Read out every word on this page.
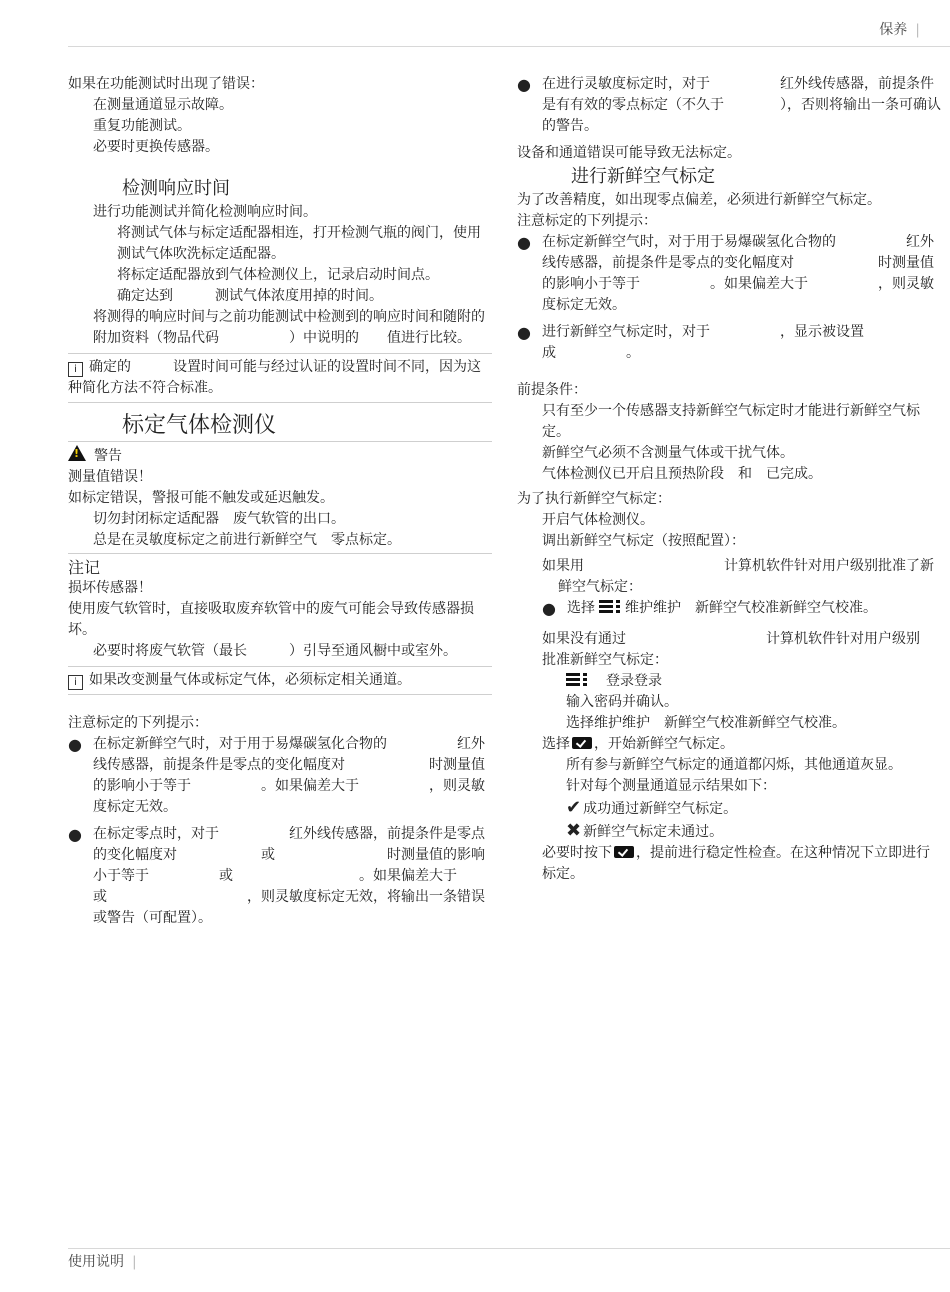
保养 |

如果在功能测试时出现了错误：

在测量通道显示故障。

重复功能测试。

必要时更换传感器。

检测响应时间

进行功能测试并简化检测响应时间。

将测试气体与标定适配器相连，打开检测气瓶的阀门，使用测试气体吹洗标定适配器。

将标定适配器放到气体检测仪上，记录启动时间点。

确定达到　　　测试气体浓度用掉的时间。

将测得的响应时间与之前功能测试中检测到的响应时间和随附的附加资料（物品代码　　　　　）中说明的　　值进行比较。

i 确定的　　　设置时间可能与经过认证的设置时间不同，因为这种简化方法不符合标准。

标定气体检测仪

!警告

测量值错误！

如标定错误，警报可能不触发或延迟触发。

切勿封闭标定适配器　废气软管的出口。

总是在灵敏度标定之前进行新鲜空气　零点标定。

注记

损坏传感器！

使用废气软管时，直接吸取废弃软管中的废气可能会导致传感器损坏。

必要时将废气软管（最长　　　）引导至通风橱中或室外。

i 如果改变测量气体或标定气体，必须标定相关通道。

注意标定的下列提示：

● 在标定新鲜空气时，对于用于易爆碳氢化合物的　　　　　红外线传感器，前提条件是零点的变化幅度对　　　　　　时测量值的影响小于等于　　　　　。如果偏差大于　　　　　，则灵敏度标定无效。
● 在标定零点时，对于　　　　　红外线传感器，前提条件是零点的变化幅度对　　　　　　或　　　　　　　　时测量值的影响小于等于　　　　　或　　　　　　　　　。如果偏差大于　　　　　或　　　　　　　　　　，则灵敏度标定无效，将输出一条错误或警告（可配置）。
● 在进行灵敏度标定时，对于　　　　　红外线传感器，前提条件是有有效的零点标定（不久于　　　　），否则将输出一条可确认的警告。

设备和通道错误可能导致无法标定。

进行新鲜空气标定

为了改善精度，如出现零点偏差，必须进行新鲜空气标定。

注意标定的下列提示：

● 在标定新鲜空气时，对于用于易爆碳氢化合物的　　　　　红外线传感器，前提条件是零点的变化幅度对　　　　　　时测量值的影响小于等于　　　　　。如果偏差大于　　　　　，则灵敏度标定无效。
● 进行新鲜空气标定时，对于　　　　　，显示被设置成　　　　　。

前提条件：

只有至少一个传感器支持新鲜空气标定时才能进行新鲜空气标定。

新鲜空气必须不含测量气体或干扰气体。

气体检测仪已开启且预热阶段　和　已完成。

为了执行新鲜空气标定：

开启气体检测仪。

调出新鲜空气标定（按照配置）：

如果用　　　　　　　　　　计算机软件针对用户级别批准了新鲜空气标定：

● 选择 维护维护　新鲜空气校准新鲜空气校准。

如果没有通过　　　　　　　　　　计算机软件针对用户级别　批准新鲜空气标定：

　登录登录

输入密码并确认。

选择维护维护　新鲜空气校准新鲜空气校准。

选择 ，开始新鲜空气标定。

所有参与新鲜空气标定的通道都闪烁，其他通道灰显。

针对每个测量通道显示结果如下：

✔ 成功通过新鲜空气标定。

✖ 新鲜空气标定未通过。

必要时按下 ，提前进行稳定性检查。在这种情况下立即进行标定。

使用说明 |
